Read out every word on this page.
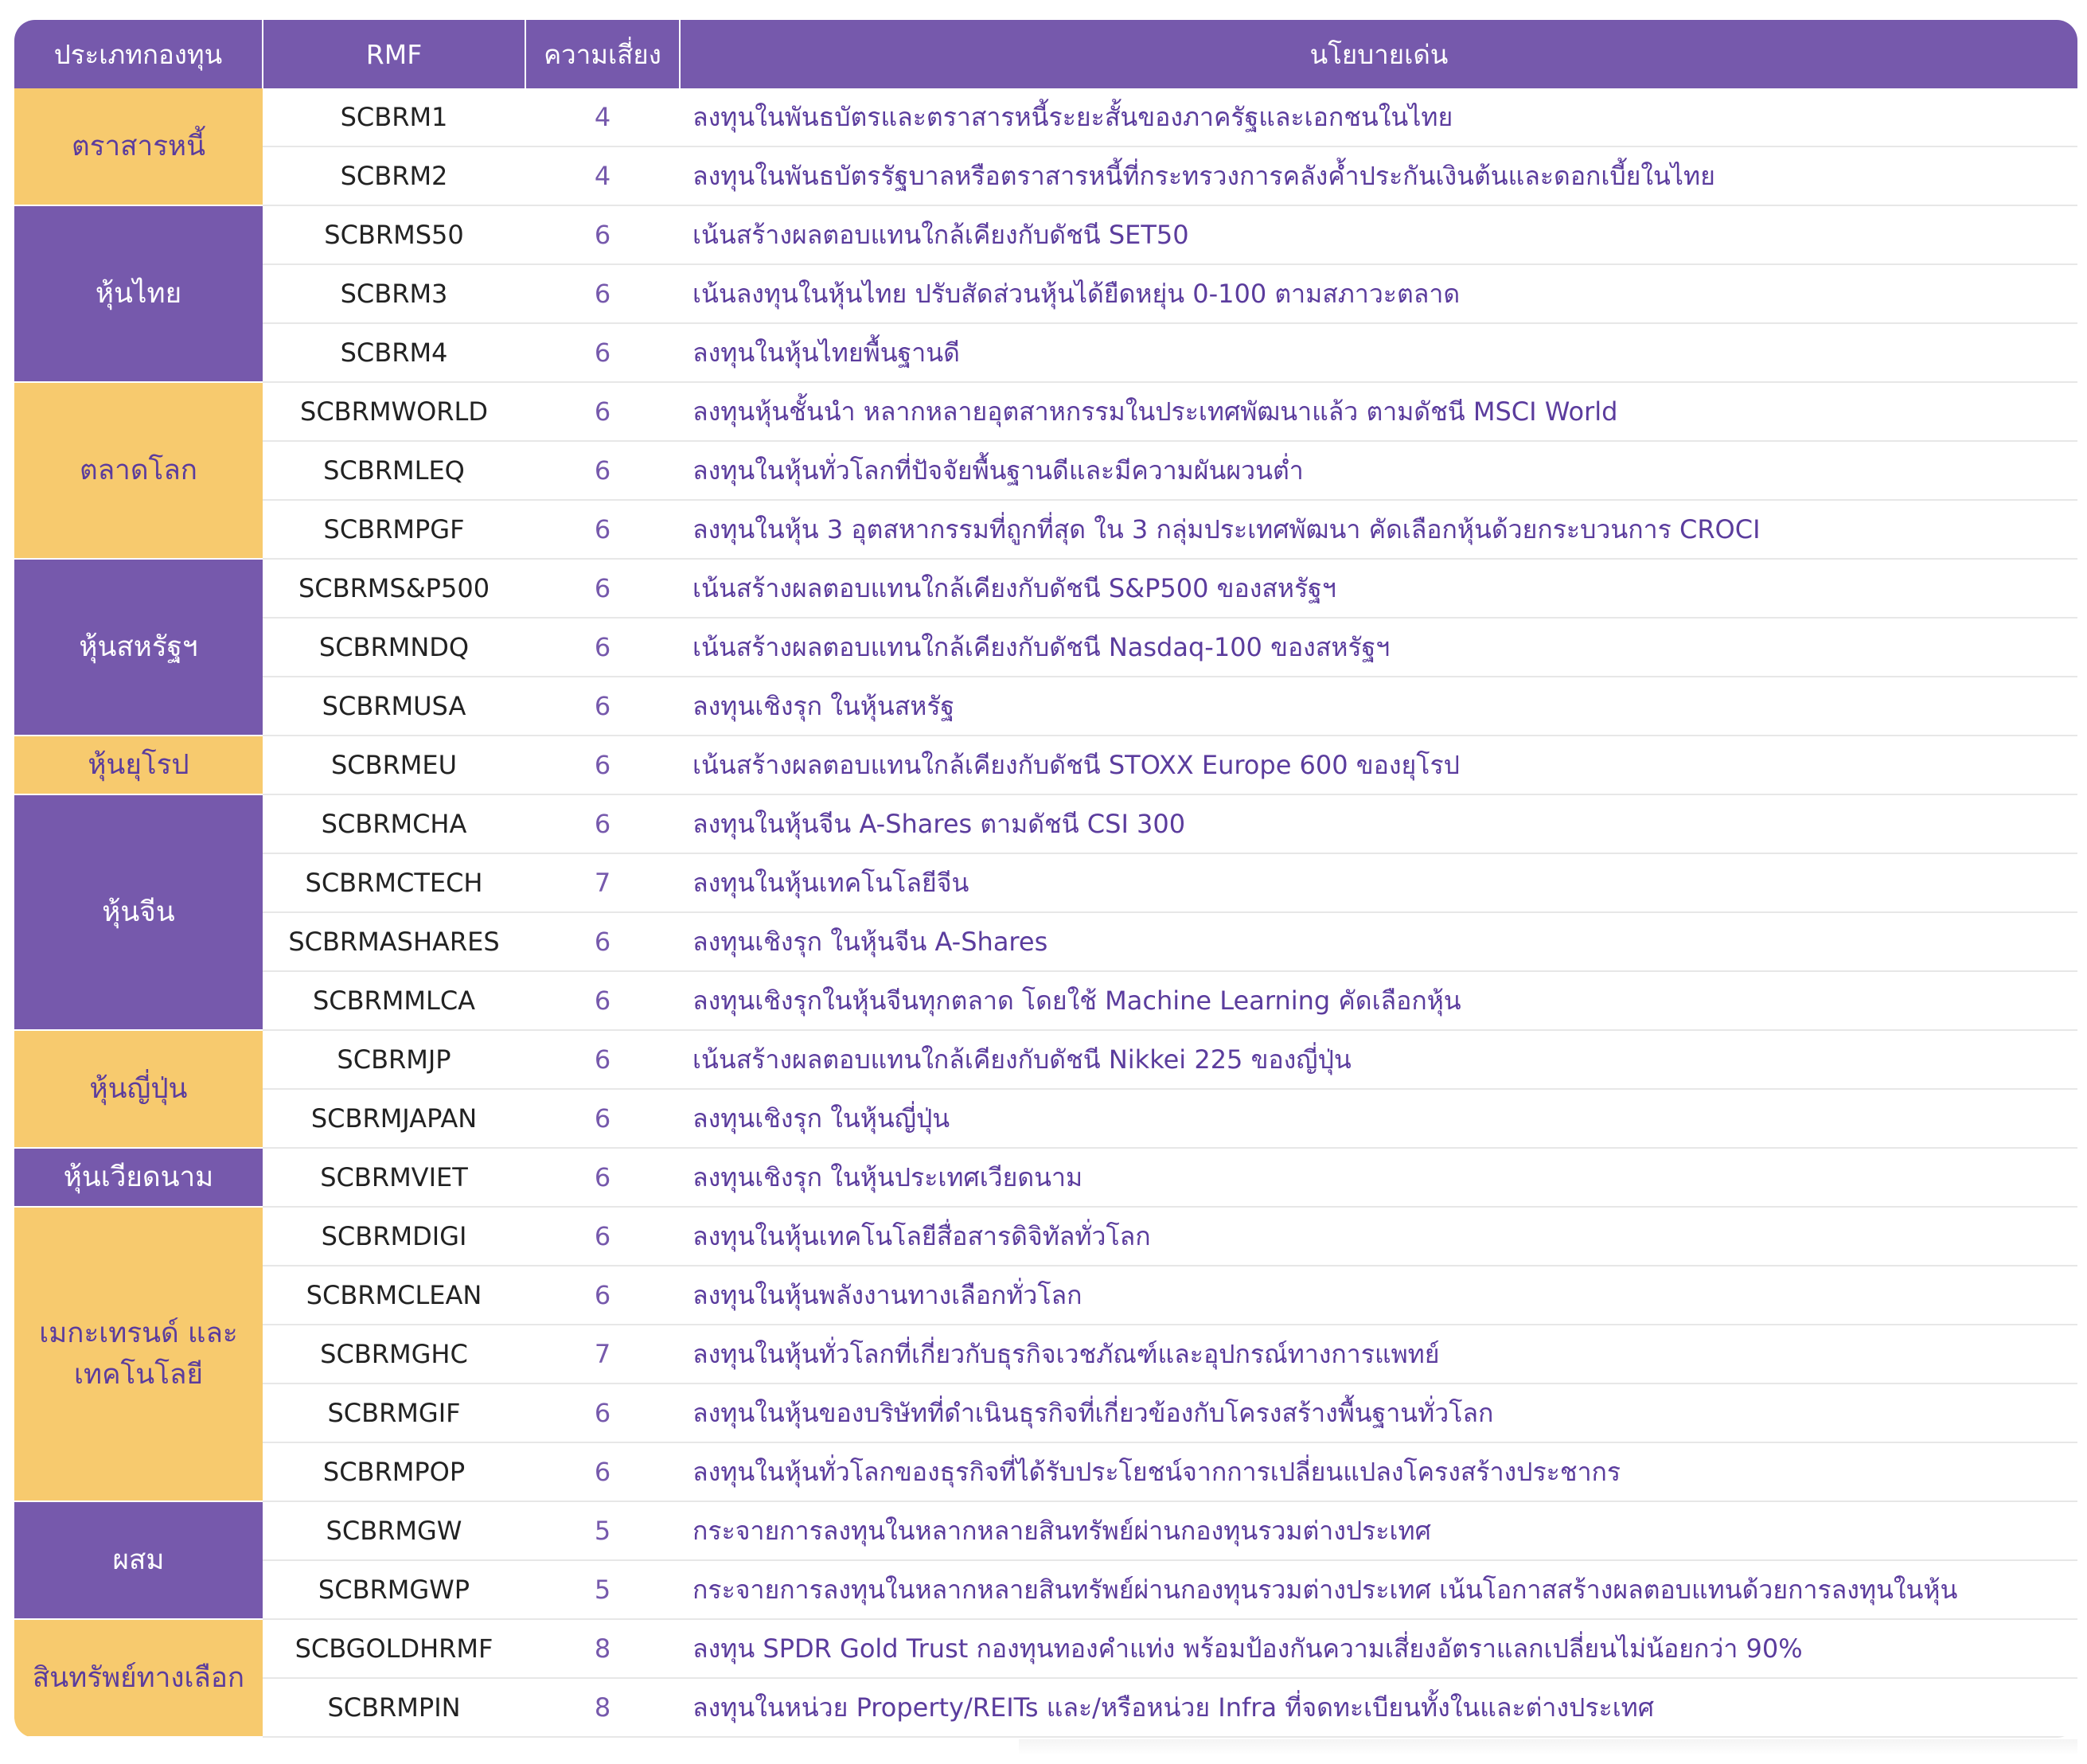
ประเภทกองทุน	RMF	ความเสี่ยง	นโยบายเด่น
ตราสารหนี้	SCBRM1	4	ลงทุนในพันธบัตรและตราสารหนี้ระยะสั้นของภาครัฐและเอกชนในไทย
	SCBRM2	4	ลงทุนในพันธบัตรรัฐบาลหรือตราสารหนี้ที่กระทรวงการคลังค้ำประกันเงินต้นและดอกเบี้ยในไทย
หุ้นไทย	SCBRMS50	6	เน้นสร้างผลตอบแทนใกล้เคียงกับดัชนี SET50
	SCBRM3	6	เน้นลงทุนในหุ้นไทย ปรับสัดส่วนหุ้นได้ยืดหยุ่น 0-100 ตามสภาวะตลาด
	SCBRM4	6	ลงทุนในหุ้นไทยพื้นฐานดี
ตลาดโลก	SCBRMWORLD	6	ลงทุนหุ้นชั้นนำ หลากหลายอุตสาหกรรมในประเทศพัฒนาแล้ว ตามดัชนี MSCI World
	SCBRMLEQ	6	ลงทุนในหุ้นทั่วโลกที่ปัจจัยพื้นฐานดีและมีความผันผวนต่ำ
	SCBRMPGF	6	ลงทุนในหุ้น 3 อุตสหากรรมที่ถูกที่สุด ใน 3 กลุ่มประเทศพัฒนา คัดเลือกหุ้นด้วยกระบวนการ CROCI
หุ้นสหรัฐฯ	SCBRMS&P500	6	เน้นสร้างผลตอบแทนใกล้เคียงกับดัชนี S&P500 ของสหรัฐฯ
	SCBRMNDQ	6	เน้นสร้างผลตอบแทนใกล้เคียงกับดัชนี Nasdaq-100 ของสหรัฐฯ
	SCBRMUSA	6	ลงทุนเชิงรุก ในหุ้นสหรัฐ
หุ้นยุโรป	SCBRMEU	6	เน้นสร้างผลตอบแทนใกล้เคียงกับดัชนี STOXX Europe 600 ของยุโรป
หุ้นจีน	SCBRMCHA	6	ลงทุนในหุ้นจีน A-Shares ตามดัชนี CSI 300
	SCBRMCTECH	7	ลงทุนในหุ้นเทคโนโลยีจีน
	SCBRMASHARES	6	ลงทุนเชิงรุก ในหุ้นจีน A-Shares
	SCBRMMLCA	6	ลงทุนเชิงรุกในหุ้นจีนทุกตลาด โดยใช้ Machine Learning คัดเลือกหุ้น
หุ้นญี่ปุ่น	SCBRMJP	6	เน้นสร้างผลตอบแทนใกล้เคียงกับดัชนี Nikkei 225 ของญี่ปุ่น
	SCBRMJAPAN	6	ลงทุนเชิงรุก ในหุ้นญี่ปุ่น
หุ้นเวียดนาม	SCBRMVIET	6	ลงทุนเชิงรุก ในหุ้นประเทศเวียดนาม
เมกะเทรนด์ และเทคโนโลยี	SCBRMDIGI	6	ลงทุนในหุ้นเทคโนโลยีสื่อสารดิจิทัลทั่วโลก
	SCBRMCLEAN	6	ลงทุนในหุ้นพลังงานทางเลือกทั่วโลก
	SCBRMGHC	7	ลงทุนในหุ้นทั่วโลกที่เกี่ยวกับธุรกิจเวชภัณฑ์และอุปกรณ์ทางการแพทย์
	SCBRMGIF	6	ลงทุนในหุ้นของบริษัทที่ดำเนินธุรกิจที่เกี่ยวข้องกับโครงสร้างพื้นฐานทั่วโลก
	SCBRMPOP	6	ลงทุนในหุ้นทั่วโลกของธุรกิจที่ได้รับประโยชน์จากการเปลี่ยนแปลงโครงสร้างประชากร
ผสม	SCBRMGW	5	กระจายการลงทุนในหลากหลายสินทรัพย์ผ่านกองทุนรวมต่างประเทศ
	SCBRMGWP	5	กระจายการลงทุนในหลากหลายสินทรัพย์ผ่านกองทุนรวมต่างประเทศ เน้นโอกาสสร้างผลตอบแทนด้วยการลงทุนในหุ้น
สินทรัพย์ทางเลือก	SCBGOLDHRMF	8	ลงทุน SPDR Gold Trust กองทุนทองคำแท่ง พร้อมป้องกันความเสี่ยงอัตราแลกเปลี่ยนไม่น้อยกว่า 90%
	SCBRMPIN	8	ลงทุนในหน่วย Property/REITs และ/หรือหน่วย Infra ที่จดทะเบียนทั้งในและต่างประเทศ
